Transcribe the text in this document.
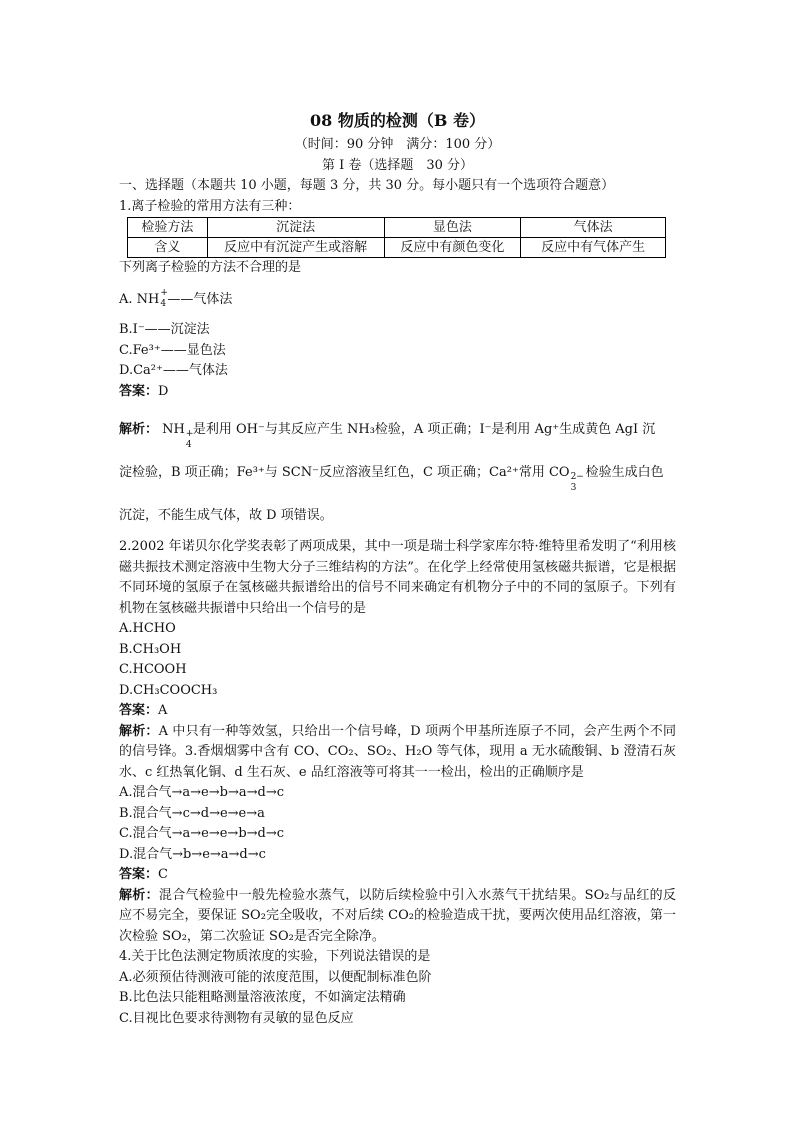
08 物质的检测（B 卷）
（时间：90 分钟　满分：100 分）
第 Ⅰ 卷（选择题　30 分）
一、选择题（本题共 10 小题，每题 3 分，共 30 分。每小题只有一个选项符合题意）
1.离子检验的常用方法有三种：
检验方法	沉淀法	显色法	气体法
含义	反应中有沉淀产生或溶解	反应中有颜色变化	反应中有气体产生
下列离子检验的方法不合理的是
A. NH +
4 ——气体法
B.I⁻——沉淀法
C.Fe³⁺——显色法
D.Ca²⁺——气体法
答案：D
解析： NH +
4
是利用 OH⁻与其反应产生 NH₃检验，A 项正确；I⁻是利用 Ag⁺生成黄色 AgI 沉
淀检验，B 项正确；Fe³⁺与 SCN⁻反应溶液呈红色，C 项正确；Ca²⁺常用 CO 2−
3
检验生成白色
沉淀，不能生成气体，故 D 项错误。
2.2002 年诺贝尔化学奖表彰了两项成果，其中一项是瑞士科学家库尔特·维特里希发明了“利用核磁共振技术测定溶液中生物大分子三维结构的方法”。在化学上经常使用氢核磁共振谱，它是根据不同环境的氢原子在氢核磁共振谱给出的信号不同来确定有机物分子中的不同的氢原子。下列有机物在氢核磁共振谱中只给出一个信号的是
A.HCHO
B.CH₃OH
C.HCOOH
D.CH₃COOCH₃
答案：A
解析：A 中只有一种等效氢，只给出一个信号峰，D 项两个甲基所连原子不同，会产生两个不同的信号锋。3.香烟烟雾中含有 CO、CO₂、SO₂、H₂O 等气体，现用 a 无水硫酸铜、b 澄清石灰水、c 红热氧化铜、d 生石灰、e 品红溶液等可将其一一检出，检出的正确顺序是
A.混合气→a→e→b→a→d→c
B.混合气→c→d→e→e→a
C.混合气→a→e→e→b→d→c
D.混合气→b→e→a→d→c
答案：C
解析：混合气检验中一般先检验水蒸气，以防后续检验中引入水蒸气干扰结果。SO₂与品红的反应不易完全，要保证 SO₂完全吸收，不对后续 CO₂的检验造成干扰，要两次使用品红溶液，第一次检验 SO₂，第二次验证 SO₂是否完全除净。
4.关于比色法测定物质浓度的实验，下列说法错误的是
A.必须预估待测液可能的浓度范围，以便配制标准色阶
B.比色法只能粗略测量溶液浓度，不如滴定法精确
C.目视比色要求待测物有灵敏的显色反应
